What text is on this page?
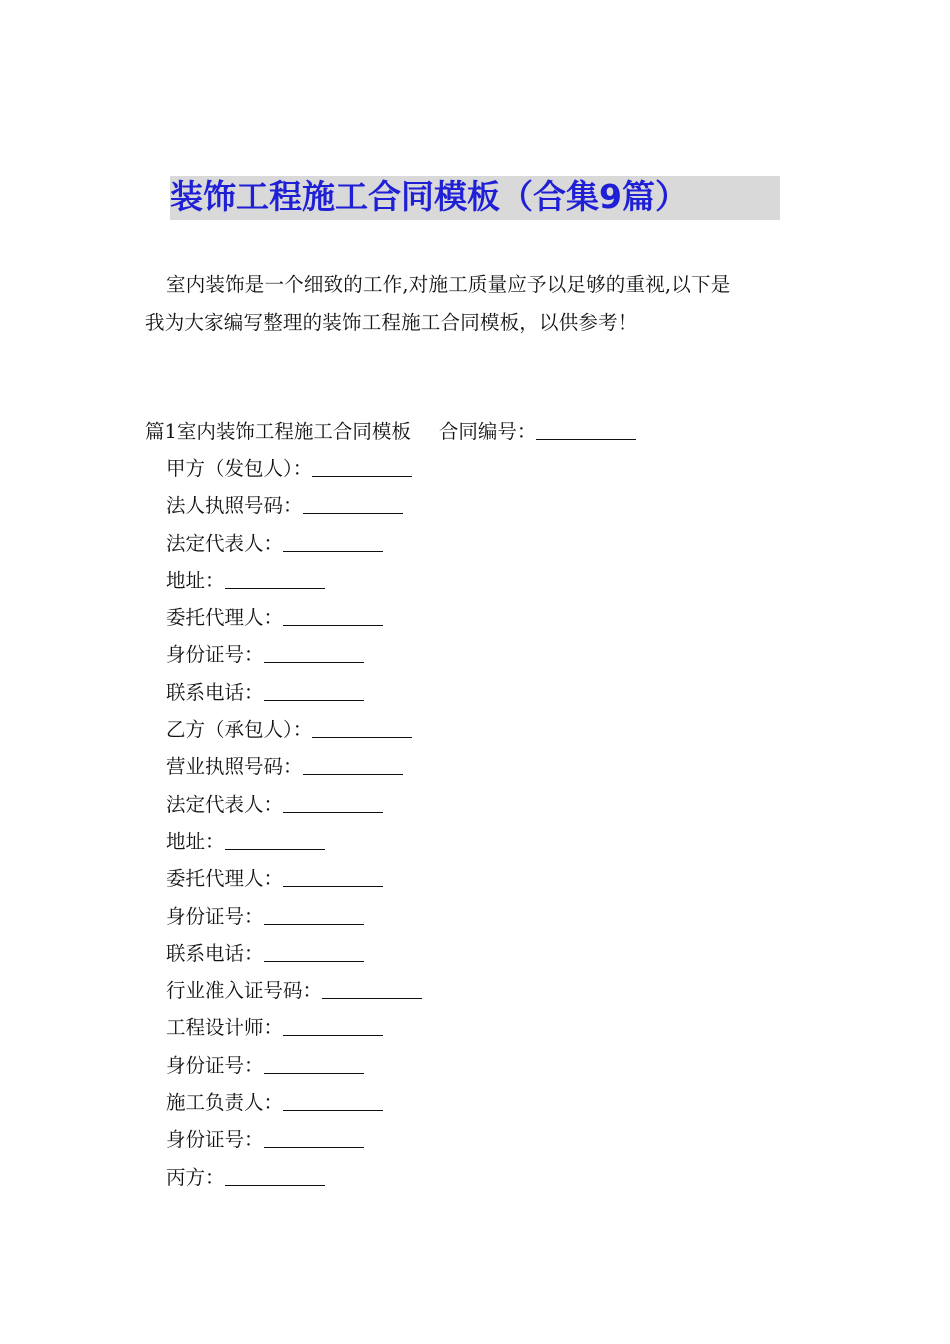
装饰工程施工合同模板（合集9篇）

室内装饰是一个细致的工作,对施工质量应予以足够的重视,以下是

我为大家编写整理的装饰工程施工合同模板，以供参考！

篇1室内装饰工程施工合同模板 合同编号：
甲方（发包人）：
法人执照号码：
法定代表人：
地址：
委托代理人：
身份证号：
联系电话：
乙方（承包人）：
营业执照号码：
法定代表人：
地址：
委托代理人：
身份证号：
联系电话：
行业准入证号码：
工程设计师：
身份证号：
施工负责人：
身份证号：
丙方：
